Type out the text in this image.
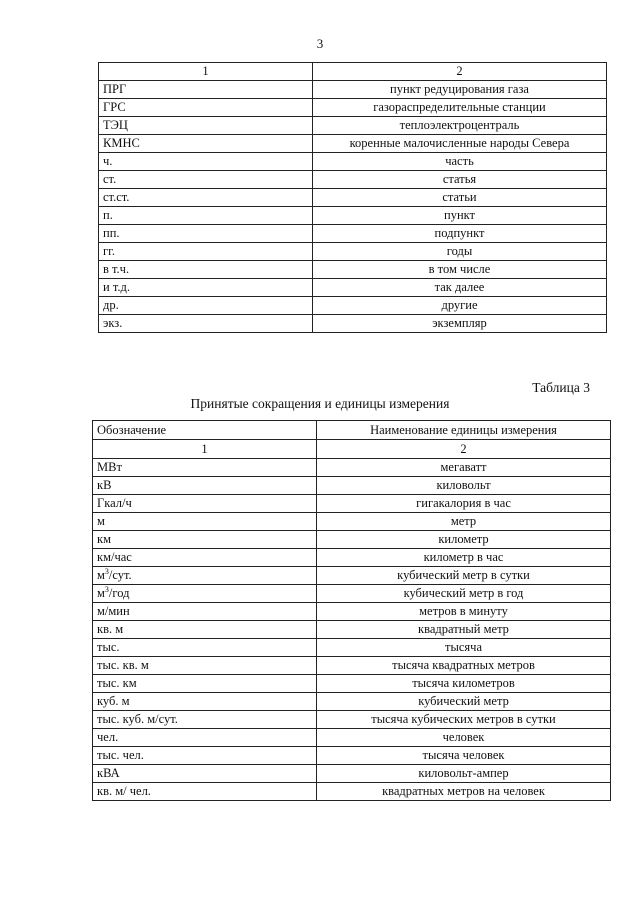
3
1	2
ПРГ	пункт редуцирования газа
ГРС	газораспределительные станции
ТЭЦ	теплоэлектроцентраль
КМНС	коренные малочисленные народы Севера
ч.	часть
ст.	статья
ст.ст.	статьи
п.	пункт
пп.	подпункт
гг.	годы
в т.ч.	в том числе
и т.д.	так далее
др.	другие
экз.	экземпляр
Таблица 3
Принятые сокращения и единицы измерения
Обозначение	Наименование единицы измерения
1	2
МВт	мегаватт
кВ	киловольт
Гкал/ч	гигакалория в час
м	метр
км	километр
км/час	километр в час
$м^3$/сут.	кубический метр в сутки
$м^3$/год	кубический метр в год
м/мин	метров в минуту
кв. м	квадратный метр
тыс.	тысяча
тыс. кв. м	тысяча квадратных метров
тыс. км	тысяча километров
куб. м	кубический метр
тыс. куб. м/сут.	тысяча кубических метров в сутки
чел.	человек
тыс. чел.	тысяча человек
кВА	киловольт-ампер
кв. м/ чел.	квадратных метров на человек
